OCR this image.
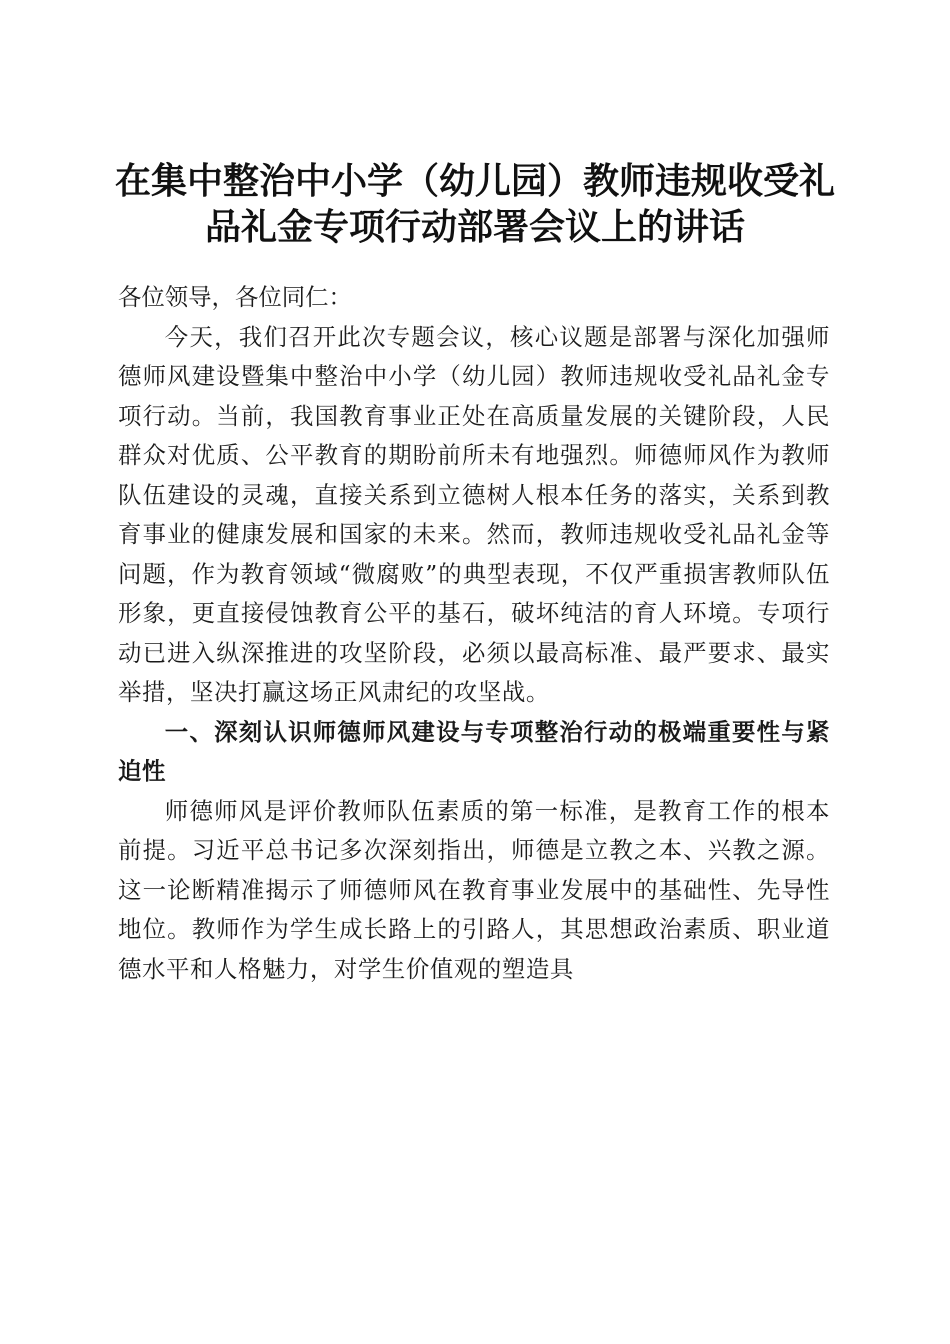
在集中整治中小学（幼儿园）教师违规收受礼
品礼金专项行动部署会议上的讲话

各位领导，各位同仁：

今天，我们召开此次专题会议，核心议题是部署与深化加强师德师风建设暨集中整治中小学（幼儿园）教师违规收受礼品礼金专项行动。当前，我国教育事业正处在高质量发展的关键阶段，人民群众对优质、公平教育的期盼前所未有地强烈。师德师风作为教师队伍建设的灵魂，直接关系到立德树人根本任务的落实，关系到教育事业的健康发展和国家的未来。然而，教师违规收受礼品礼金等问题，作为教育领域“微腐败”的典型表现，不仅严重损害教师队伍形象，更直接侵蚀教育公平的基石，破坏纯洁的育人环境。专项行动已进入纵深推进的攻坚阶段，必须以最高标准、最严要求、最实举措，坚决打赢这场正风肃纪的攻坚战。

一、深刻认识师德师风建设与专项整治行动的极端重要性与紧迫性

师德师风是评价教师队伍素质的第一标准，是教育工作的根本前提。习近平总书记多次深刻指出，师德是立教之本、兴教之源。这一论断精准揭示了师德师风在教育事业发展中的基础性、先导性地位。教师作为学生成长路上的引路人，其思想政治素质、职业道德水平和人格魅力，对学生价值观的塑造具
